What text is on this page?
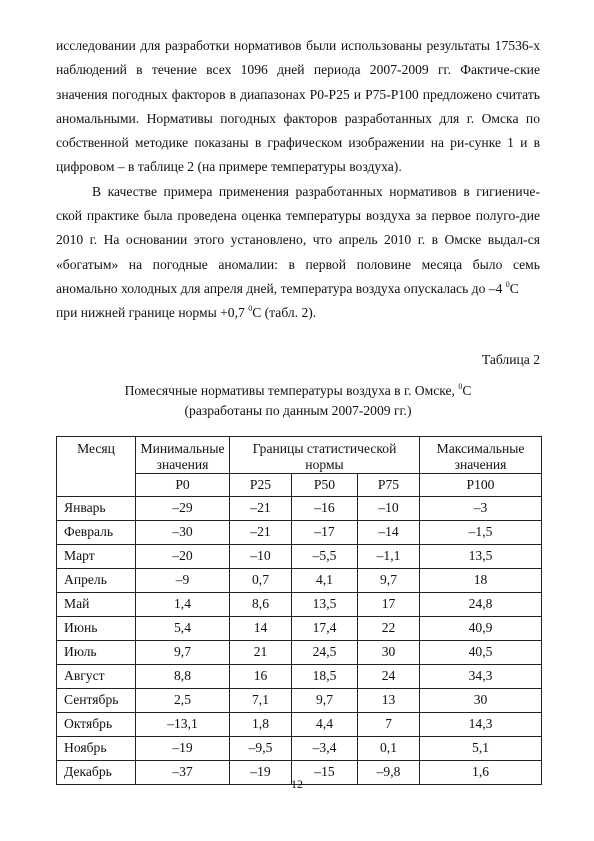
исследовании для разработки нормативов были использованы результаты 17536-х наблюдений в течение всех 1096 дней периода 2007-2009 гг. Фактиче-ские значения погодных факторов в диапазонах Р0-Р25 и Р75-Р100 предложено считать аномальными. Нормативы погодных факторов разработанных для г. Омска по собственной методике показаны в графическом изображении на ри-сунке 1 и в цифровом – в таблице 2 (на примере температуры воздуха).

В качестве примера применения разработанных нормативов в гигиениче-ской практике была проведена оценка температуры воздуха за первое полуго-дие 2010 г. На основании этого установлено, что апрель 2010 г. в Омске выдал-ся «богатым» на погодные аномалии: в первой половине месяца было семь аномально холодных для апреля дней, температура воздуха опускалась до –4 $^0$С
при нижней границе нормы +0,7 $^0$С (табл. 2).

Таблица 2
Помесячные нормативы температуры воздуха в г. Омске, $^0$С
(разработаны по данным 2007-2009 гг.)
Месяц	Минимальные значения	Границы статистической нормы			Максимальные значения
	Р0	Р25	Р50	Р75	Р100
Январь	–29	–21	–16	–10	–3
Февраль	–30	–21	–17	–14	–1,5
Март	–20	–10	–5,5	–1,1	13,5
Апрель	–9	0,7	4,1	9,7	18
Май	1,4	8,6	13,5	17	24,8
Июнь	5,4	14	17,4	22	40,9
Июль	9,7	21	24,5	30	40,5
Август	8,8	16	18,5	24	34,3
Сентябрь	2,5	7,1	9,7	13	30
Октябрь	–13,1	1,8	4,4	7	14,3
Ноябрь	–19	–9,5	–3,4	0,1	5,1
Декабрь	–37	–19	–15	–9,8	1,6
12
